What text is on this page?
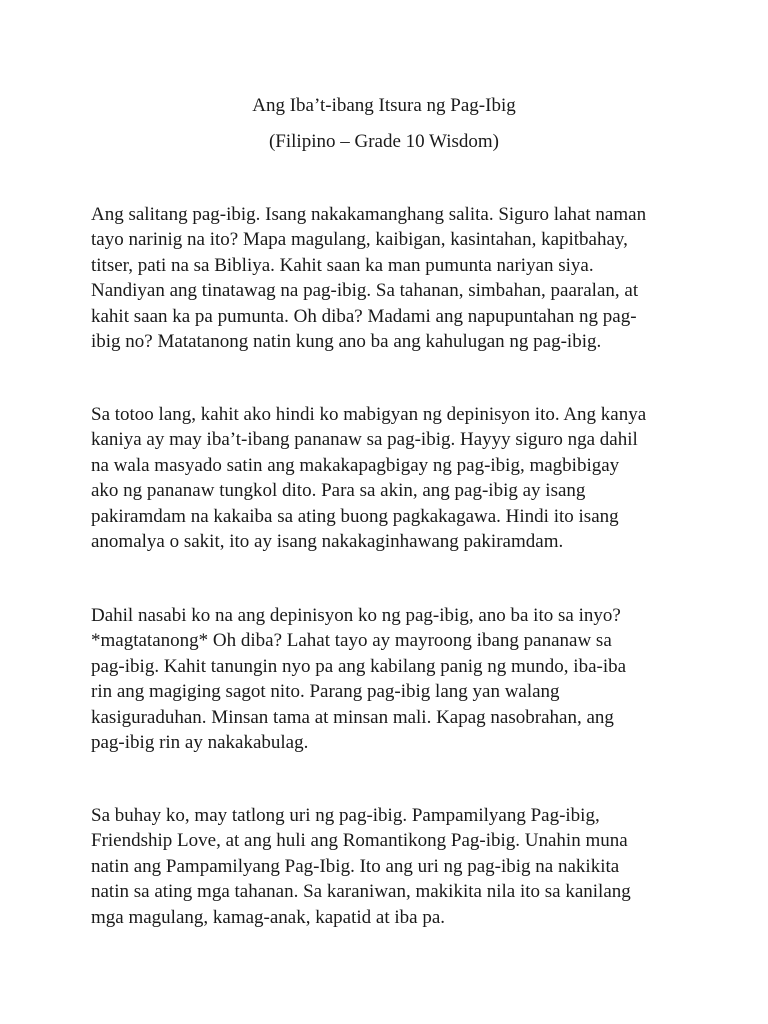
Ang Iba’t-ibang Itsura ng Pag-Ibig

(Filipino – Grade 10 Wisdom)

Ang salitang pag-ibig. Isang nakakamanghang salita. Siguro lahat naman
tayo narinig na ito? Mapa magulang, kaibigan, kasintahan, kapitbahay,
titser, pati na sa Bibliya. Kahit saan ka man pumunta nariyan siya.
Nandiyan ang tinatawag na pag-ibig. Sa tahanan, simbahan, paaralan, at
kahit saan ka pa pumunta. Oh diba? Madami ang napupuntahan ng pag-
ibig no? Matatanong natin kung ano ba ang kahulugan ng pag-ibig.

Sa totoo lang, kahit ako hindi ko mabigyan ng depinisyon ito. Ang kanya
kaniya ay may iba’t-ibang pananaw sa pag-ibig. Hayyy siguro nga dahil
na wala masyado satin ang makakapagbigay ng pag-ibig, magbibigay
ako ng pananaw tungkol dito. Para sa akin, ang pag-ibig ay isang
pakiramdam na kakaiba sa ating buong pagkakagawa. Hindi ito isang
anomalya o sakit, ito ay isang nakakaginhawang pakiramdam.

Dahil nasabi ko na ang depinisyon ko ng pag-ibig, ano ba ito sa inyo?
*magtatanong* Oh diba? Lahat tayo ay mayroong ibang pananaw sa
pag-ibig. Kahit tanungin nyo pa ang kabilang panig ng mundo, iba-iba
rin ang magiging sagot nito. Parang pag-ibig lang yan walang
kasiguraduhan. Minsan tama at minsan mali. Kapag nasobrahan, ang
pag-ibig rin ay nakakabulag.

Sa buhay ko, may tatlong uri ng pag-ibig. Pampamilyang Pag-ibig,
Friendship Love, at ang huli ang Romantikong Pag-ibig. Unahin muna
natin ang Pampamilyang Pag-Ibig. Ito ang uri ng pag-ibig na nakikita
natin sa ating mga tahanan. Sa karaniwan, makikita nila ito sa kanilang
mga magulang, kamag-anak, kapatid at iba pa.
